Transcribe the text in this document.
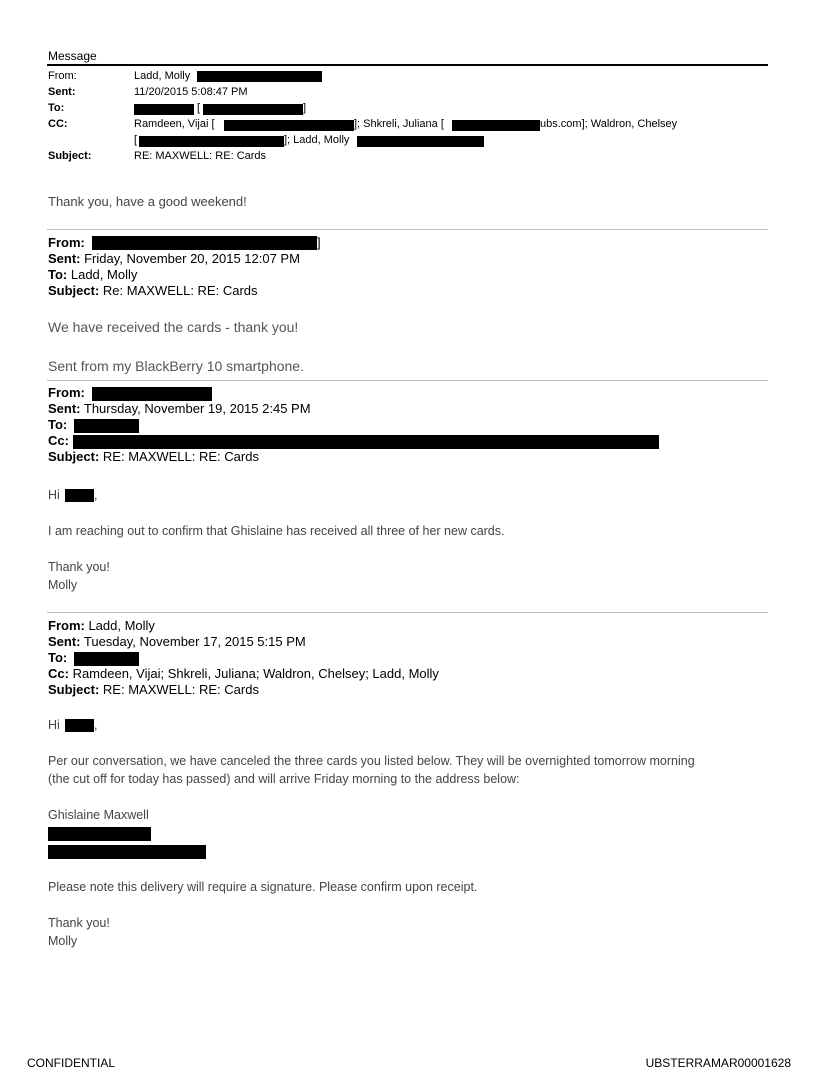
Message
From:	Ladd, Molly
Sent:	11/20/2015 5:08:47 PM
To:	[	]
CC:	Ramdeen, Vijai [	]; Shkreli, Juliana [	ubs.com]; Waldron, Chelsey
[	]; Ladd, Molly
Subject:	RE: MAXWELL: RE: Cards
Thank you, have a good weekend!
From:	]
Sent: Friday, November 20, 2015 12:07 PM
To: Ladd, Molly
Subject: Re: MAXWELL: RE: Cards
We have received the cards - thank you!
Sent from my BlackBerry 10 smartphone.
From:
Sent: Thursday, November 19, 2015 2:45 PM
To:
Cc:
Subject: RE: MAXWELL: RE: Cards
Hi	,
I am reaching out to confirm that Ghislaine has received all three of her new cards.
Thank you!
Molly
From: Ladd, Molly
Sent: Tuesday, November 17, 2015 5:15 PM
To:
Cc: Ramdeen, Vijai; Shkreli, Juliana; Waldron, Chelsey; Ladd, Molly
Subject: RE: MAXWELL: RE: Cards
Hi	,
Per our conversation, we have canceled the three cards you listed below. They will be overnighted tomorrow morning
(the cut off for today has passed) and will arrive Friday morning to the address below:
Ghislaine Maxwell
Please note this delivery will require a signature. Please confirm upon receipt.
Thank you!
Molly
CONFIDENTIAL	UBSTERRAMAR00001628
